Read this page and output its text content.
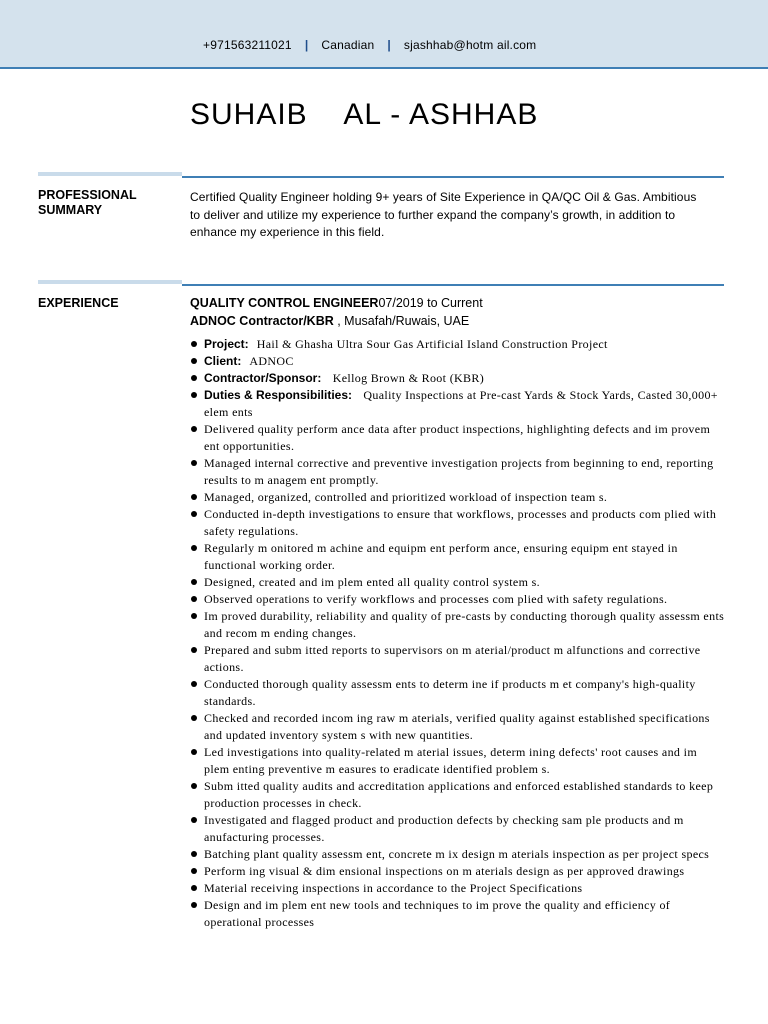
+971563211021 | Canadian | sjashhab@hotm ail.com
SUHAIB    AL - ASHHAB
PROFESSIONAL SUMMARY
Certified Quality Engineer holding 9+ years of Site Experience in QA/QC Oil & Gas. Ambitious to deliver and utilize my experience to further expand the company’s growth, in addition to enhance my experience in this field.
EXPERIENCE	QUALITY CONTROL ENGINEER07/2019 to Current
ADNOC Contractor/KBR , Musafah/Ruwais, UAE
Project: Hail & Ghasha Ultra Sour Gas Artificial Island Construction Project
Client: ADNOC
Contractor/Sponsor: Kellog Brown & Root (KBR)
Duties & Responsibilities: Quality Inspections at Pre-cast Yards & Stock Yards, Casted 30,000+ elem ents
Delivered quality perform ance data after product inspections, highlighting defects and im provem ent opportunities.
Managed internal corrective and preventive investigation projects from beginning to end, reporting results to m anagem ent promptly.
Managed, organized, controlled and prioritized workload of inspection team s.
Conducted in-depth investigations to ensure that workflows, processes and products com plied with safety regulations.
Regularly m onitored m achine and equipm ent perform ance, ensuring equipm ent stayed in functional working order.
Designed, created and im plem ented all quality control system s.
Observed operations to verify workflows and processes com plied with safety regulations.
Im proved durability, reliability and quality of pre-casts by conducting thorough quality assessm ents and recom m ending changes.
Prepared and subm itted reports to supervisors on m aterial/product m alfunctions and corrective actions.
Conducted thorough quality assessm ents to determ ine if products m et company's high-quality standards.
Checked and recorded incom ing raw m aterials, verified quality against established specifications and updated inventory system s with new quantities.
Led investigations into quality-related m aterial issues, determ ining defects' root causes and im plem enting preventive m easures to eradicate identified problem s.
Subm itted quality audits and accreditation applications and enforced established standards to keep production processes in check.
Investigated and flagged product and production defects by checking sam ple products and m anufacturing processes.
Batching plant quality assessm ent, concrete m ix design m aterials inspection as per project specs
Perform ing visual & dim ensional inspections on m aterials design as per approved drawings
Material receiving inspections in accordance to the Project Specifications
Design and im plem ent new tools and techniques to im prove the quality and efficiency of operational processes
